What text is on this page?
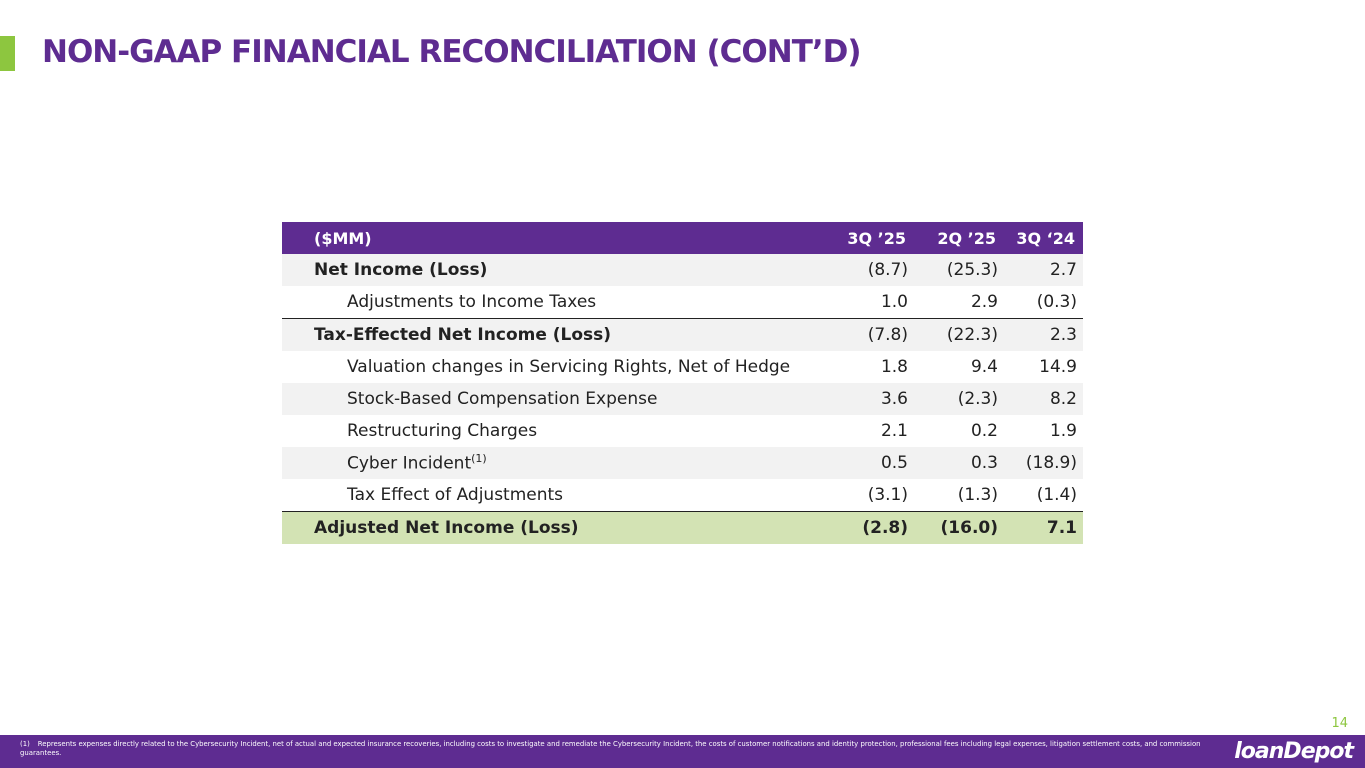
NON-GAAP FINANCIAL RECONCILIATION (CONT’D)
($MM)	3Q ’25	2Q ’25	3Q ‘24
Net Income (Loss)	(8.7)	(25.3)	2.7
Adjustments to Income Taxes	1.0	2.9	(0.3)
Tax-Effected Net Income (Loss)	(7.8)	(22.3)	2.3
Valuation changes in Servicing Rights, Net of Hedge	1.8	9.4	14.9
Stock-Based Compensation Expense	3.6	(2.3)	8.2
Restructuring Charges	2.1	0.2	1.9
Cyber Incident$^{(1)}$	0.5	0.3	(18.9)
Tax Effect of Adjustments	(3.1)	(1.3)	(1.4)
Adjusted Net Income (Loss)	(2.8)	(16.0)	7.1
14

(1) Represents expenses directly related to the Cybersecurity Incident, net of actual and expected insurance recoveries, including costs to investigate and remediate the Cybersecurity Incident, the costs of customer notifications and identity protection, professional fees including legal expenses, litigation settlement costs, and commission guarantees.	loanDepot
